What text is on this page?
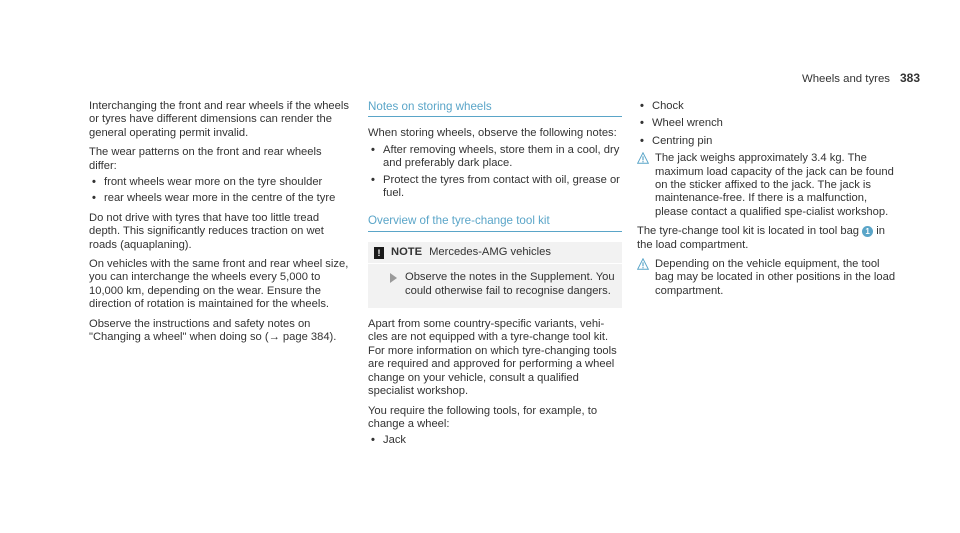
Wheels and tyres 383

Interchanging the front and rear wheels if the wheels or tyres have different dimensions can render the general operating permit invalid.

The wear patterns on the front and rear wheels differ:

• front wheels wear more on the tyre shoulder
• rear wheels wear more in the centre of the tyre

Do not drive with tyres that have too little tread depth. This significantly reduces traction on wet roads (aquaplaning).

On vehicles with the same front and rear wheel size, you can interchange the wheels every 5,000 to 10,000 km, depending on the wear. Ensure the direction of rotation is maintained for the wheels.

Observe the instructions and safety notes on "Changing a wheel" when doing so (→ page 384).

Notes on storing wheels

When storing wheels, observe the following notes:

• After removing wheels, store them in a cool, dry and preferably dark place.
• Protect the tyres from contact with oil, grease or fuel.
Overview of the tyre-change tool kit
! NOTE Mercedes-AMG vehicles
Observe the notes in the Supplement. You could otherwise fail to recognise dangers.

Apart from some country-specific variants, vehi-cles are not equipped with a tyre-change tool kit. For more information on which tyre-changing tools are required and approved for performing a wheel change on your vehicle, consult a qualified specialist workshop.

You require the following tools, for example, to change a wheel:

• Jack
• Chock
• Wheel wrench
• Centring pin
The jack weighs approximately 3.4 kg. The maximum load capacity of the jack can be found on the sticker affixed to the jack. The jack is maintenance-free. If there is a malfunction, please contact a qualified spe-cialist workshop.

The tyre-change tool kit is located in tool bag 1 in the load compartment.

Depending on the vehicle equipment, the tool bag may be located in other positions in the load compartment.
